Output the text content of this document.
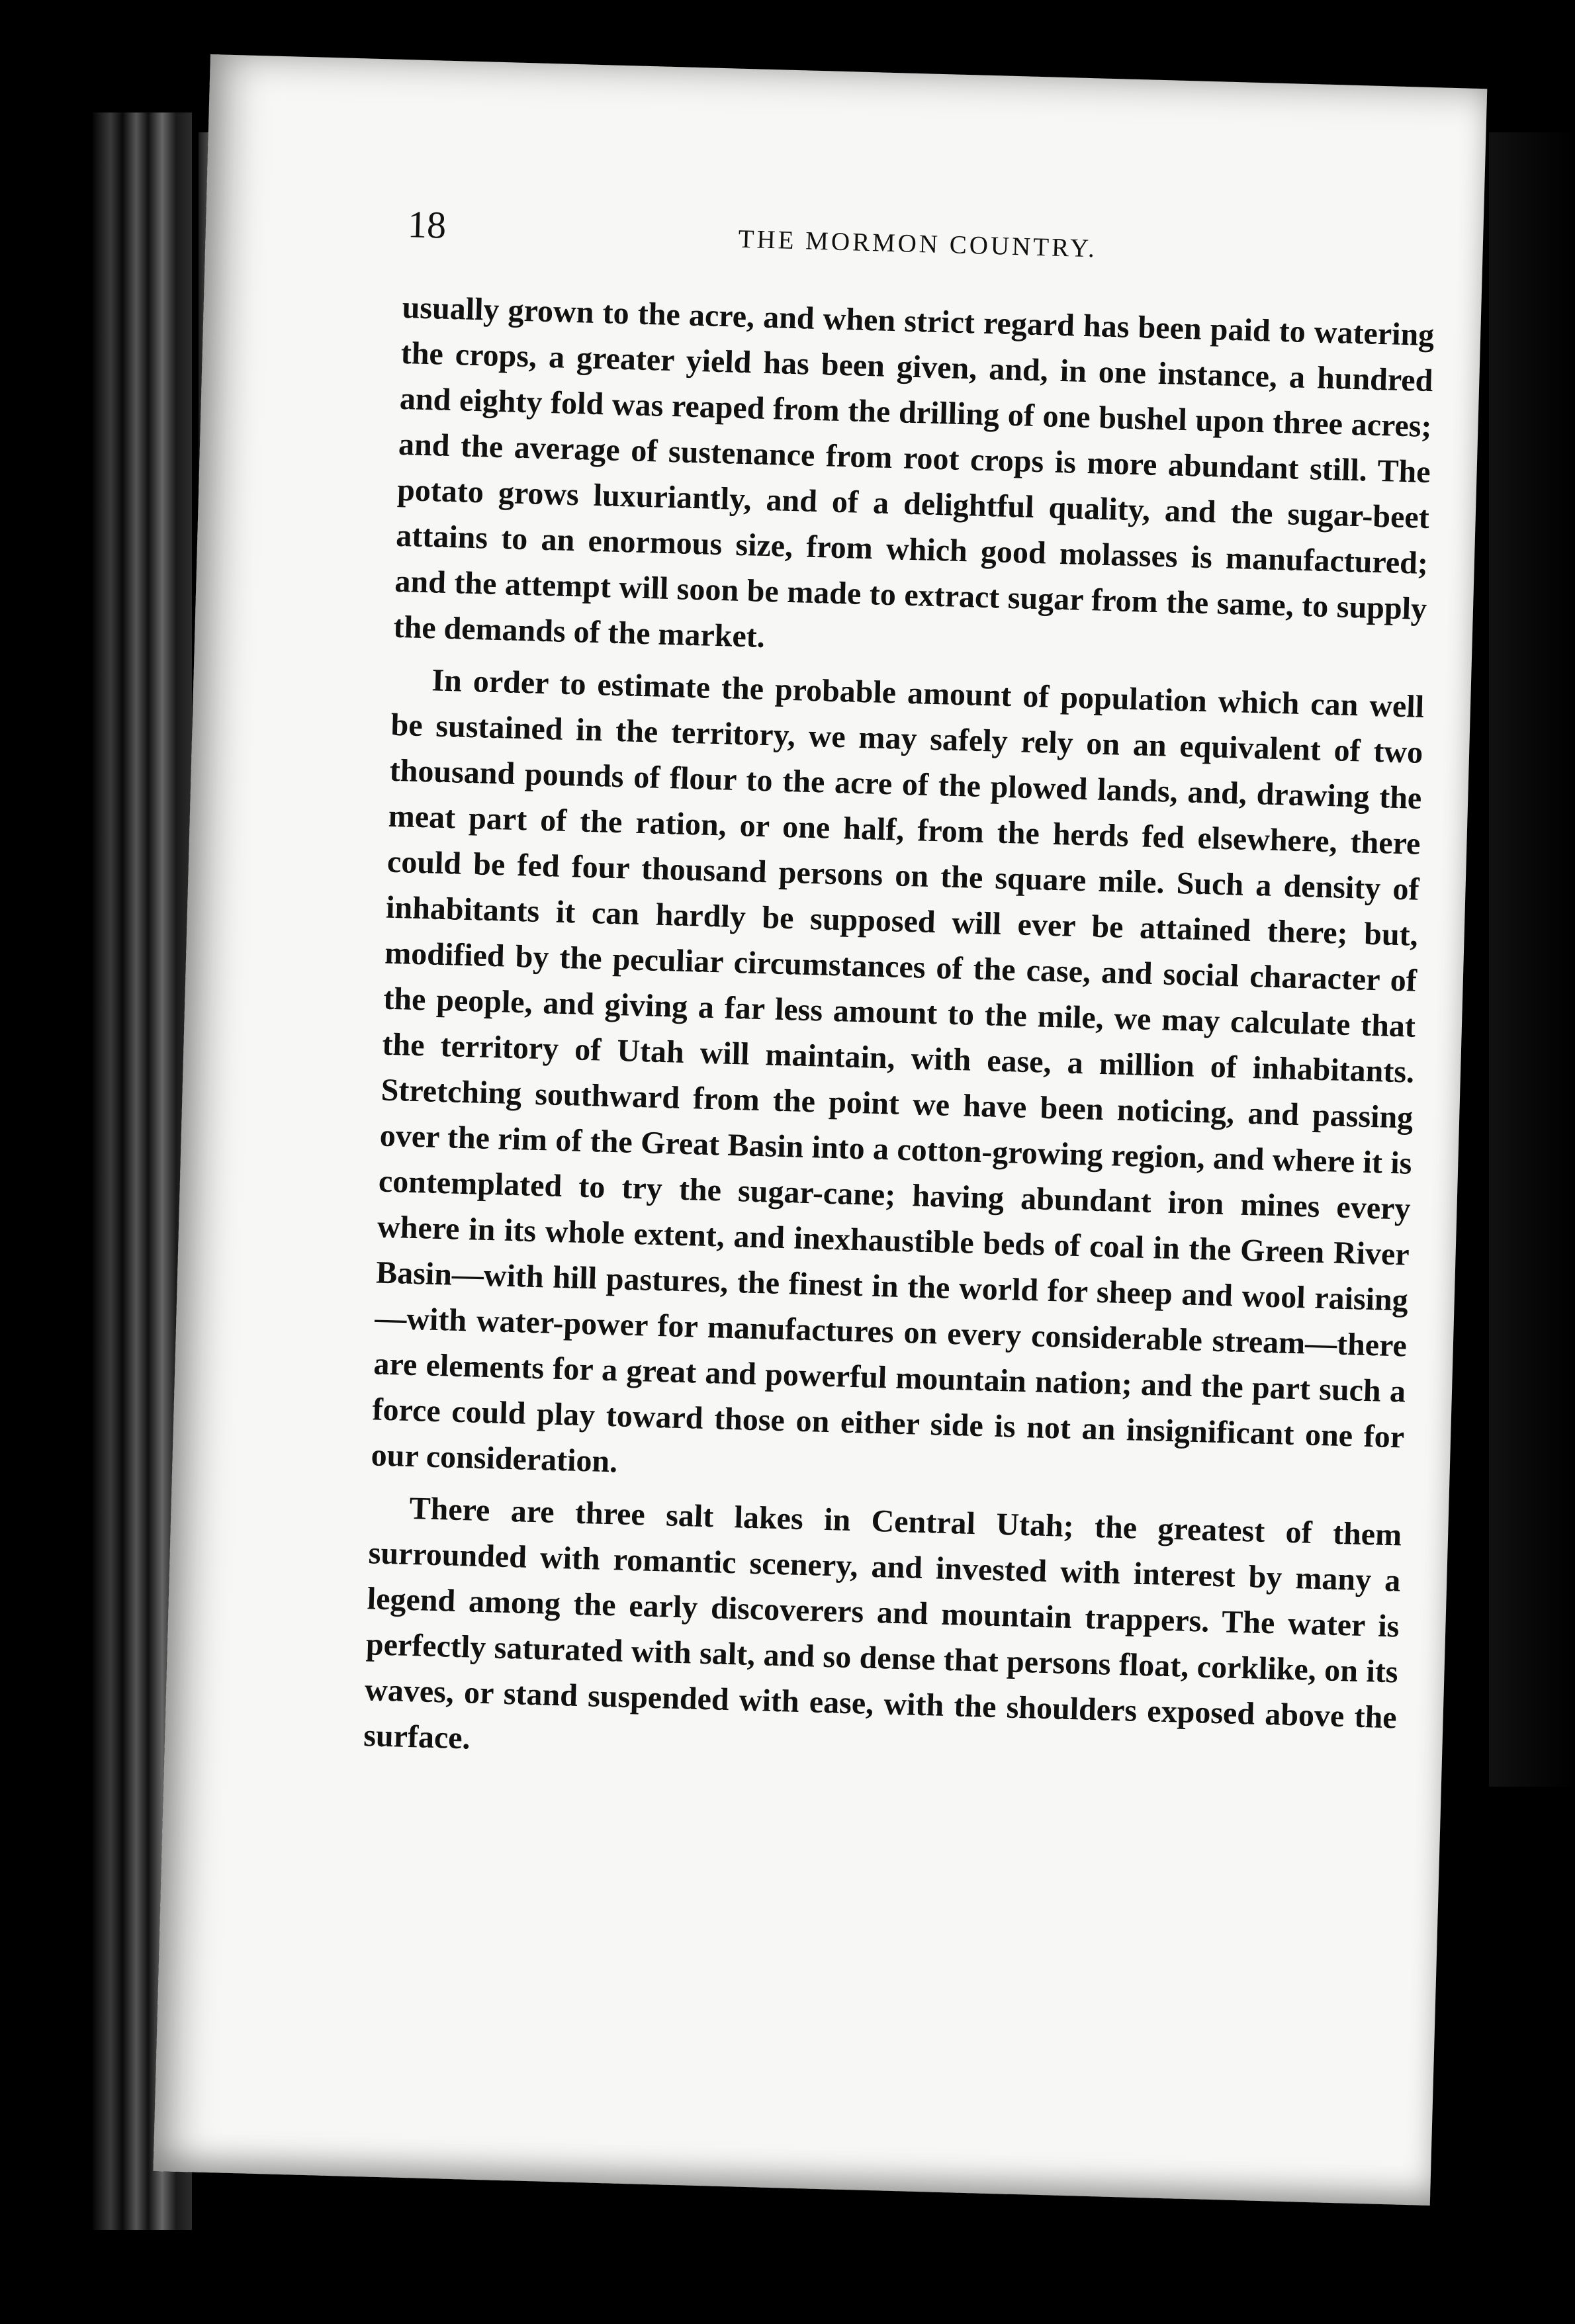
18	THE MORMON COUNTRY.

usually grown to the acre, and when strict regard has been paid to watering the crops, a greater yield has been given, and, in one instance, a hundred and eighty fold was reaped from the drilling of one bushel upon three acres; and the average of sustenance from root crops is more abundant still. The potato grows luxuriantly, and of a delightful quality, and the sugar-beet attains to an enormous size, from which good molasses is manufactured; and the attempt will soon be made to extract sugar from the same, to supply the demands of the market.

In order to estimate the probable amount of population which can well be sustained in the territory, we may safely rely on an equivalent of two thousand pounds of flour to the acre of the plowed lands, and, drawing the meat part of the ration, or one half, from the herds fed elsewhere, there could be fed four thousand persons on the square mile. Such a density of inhabitants it can hardly be supposed will ever be attained there; but, modified by the peculiar circumstances of the case, and social character of the people, and giving a far less amount to the mile, we may calculate that the territory of Utah will maintain, with ease, a million of inhabitants. Stretching southward from the point we have been noticing, and passing over the rim of the Great Basin into a cotton-growing region, and where it is contemplated to try the sugar-cane; having abundant iron mines every where in its whole extent, and inexhaustible beds of coal in the Green River Basin—with hill pastures, the finest in the world for sheep and wool raising—with water-power for manufactures on every considerable stream—there are elements for a great and powerful mountain nation; and the part such a force could play toward those on either side is not an insignificant one for our consideration.

There are three salt lakes in Central Utah; the greatest of them surrounded with romantic scenery, and invested with interest by many a legend among the early discoverers and mountain trappers. The water is perfectly saturated with salt, and so dense that persons float, corklike, on its waves, or stand suspended with ease, with the shoulders exposed above the surface.
